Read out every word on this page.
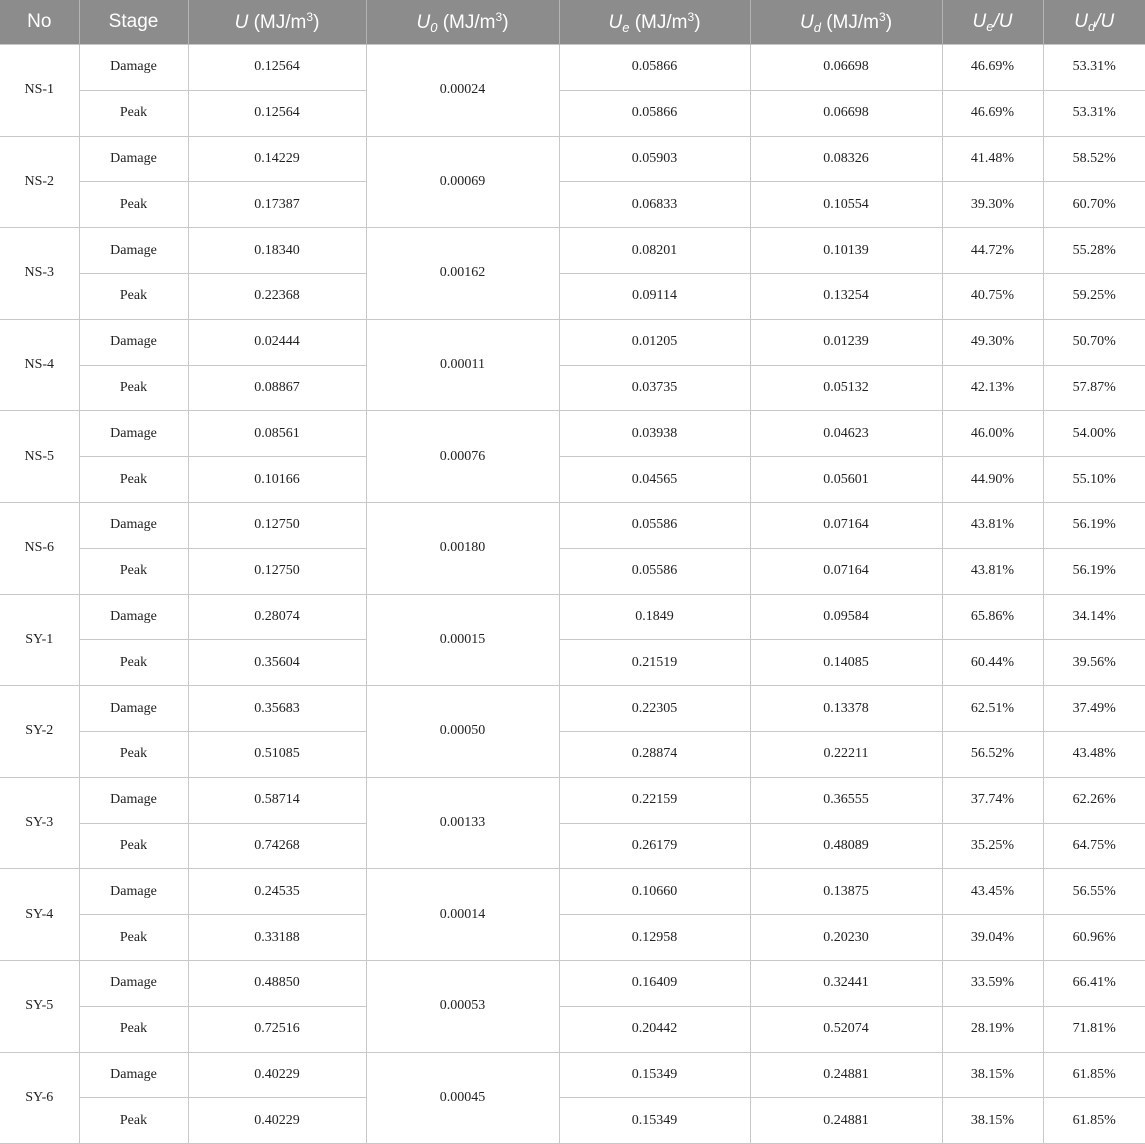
No	Stage	U $(MJ/m^3)$	$U_0$ $(MJ/m^3)$	$U_e$ $(MJ/m^3)$	$U_d$ $(MJ/m^3)$	$U_e/U$	$U_d/U$
NS-1	Damage	0.12564	0.00024	0.05866	0.06698	46.69%	53.31%
	Peak	0.12564		0.05866	0.06698	46.69%	53.31%
NS-2	Damage	0.14229	0.00069	0.05903	0.08326	41.48%	58.52%
	Peak	0.17387		0.06833	0.10554	39.30%	60.70%
NS-3	Damage	0.18340	0.00162	0.08201	0.10139	44.72%	55.28%
	Peak	0.22368		0.09114	0.13254	40.75%	59.25%
NS-4	Damage	0.02444	0.00011	0.01205	0.01239	49.30%	50.70%
	Peak	0.08867		0.03735	0.05132	42.13%	57.87%
NS-5	Damage	0.08561	0.00076	0.03938	0.04623	46.00%	54.00%
	Peak	0.10166		0.04565	0.05601	44.90%	55.10%
NS-6	Damage	0.12750	0.00180	0.05586	0.07164	43.81%	56.19%
	Peak	0.12750		0.05586	0.07164	43.81%	56.19%
SY-1	Damage	0.28074	0.00015	0.1849	0.09584	65.86%	34.14%
	Peak	0.35604		0.21519	0.14085	60.44%	39.56%
SY-2	Damage	0.35683	0.00050	0.22305	0.13378	62.51%	37.49%
	Peak	0.51085		0.28874	0.22211	56.52%	43.48%
SY-3	Damage	0.58714	0.00133	0.22159	0.36555	37.74%	62.26%
	Peak	0.74268		0.26179	0.48089	35.25%	64.75%
SY-4	Damage	0.24535	0.00014	0.10660	0.13875	43.45%	56.55%
	Peak	0.33188		0.12958	0.20230	39.04%	60.96%
SY-5	Damage	0.48850	0.00053	0.16409	0.32441	33.59%	66.41%
	Peak	0.72516		0.20442	0.52074	28.19%	71.81%
SY-6	Damage	0.40229	0.00045	0.15349	0.24881	38.15%	61.85%
	Peak	0.40229		0.15349	0.24881	38.15%	61.85%
